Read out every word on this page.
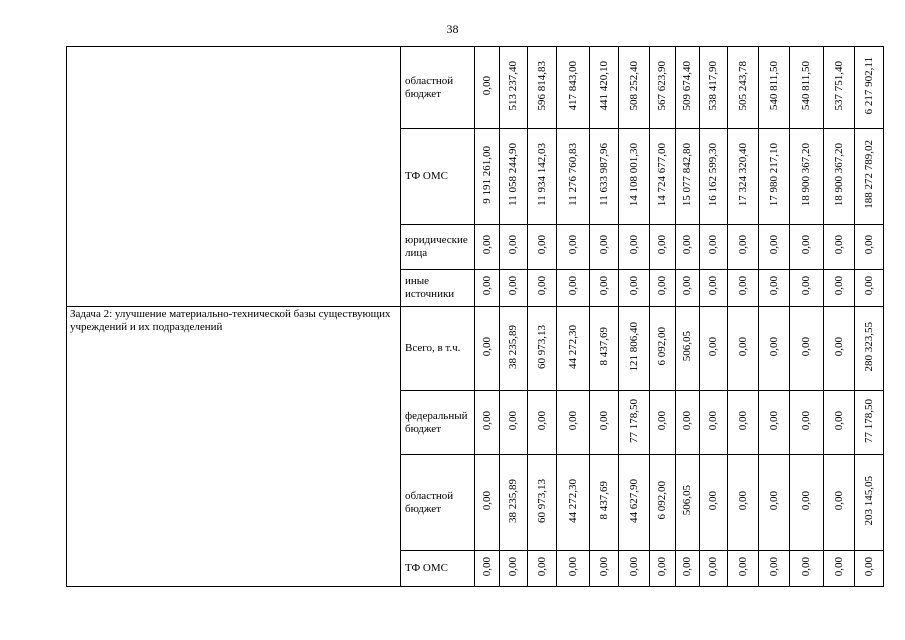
38
	областной бюджет	0,00	513 237,40	596 814,83	417 843,00	441 420,10	508 252,40	567 623,90	509 674,40	538 417,90	505 243,78	540 811,50	540 811,50	537 751,40	6 217 902,11
	ТФ ОМС	9 191 261,00	11 058 244,90	11 934 142,03	11 276 760,83	11 633 987,96	14 108 001,30	14 724 677,00	15 077 842,80	16 162 599,30	17 324 320,40	17 980 217,10	18 900 367,20	18 900 367,20	188 272 789,02
	юридические лица	0,00	0,00	0,00	0,00	0,00	0,00	0,00	0,00	0,00	0,00	0,00	0,00	0,00	0,00
	иные источники	0,00	0,00	0,00	0,00	0,00	0,00	0,00	0,00	0,00	0,00	0,00	0,00	0,00	0,00
Задача 2: улучшение материально-технической базы существующих учреждений и их подразделений	Всего, в т.ч.	0,00	38 235,89	60 973,13	44 272,30	8 437,69	121 806,40	6 092,00	506,05	0,00	0,00	0,00	0,00	0,00	280 323,55
	федеральный бюджет	0,00	0,00	0,00	0,00	0,00	77 178,50	0,00	0,00	0,00	0,00	0,00	0,00	0,00	77 178,50
	областной бюджет	0,00	38 235,89	60 973,13	44 272,30	8 437,69	44 627,90	6 092,00	506,05	0,00	0,00	0,00	0,00	0,00	203 145,05
	ТФ ОМС	0,00	0,00	0,00	0,00	0,00	0,00	0,00	0,00	0,00	0,00	0,00	0,00	0,00	0,00
